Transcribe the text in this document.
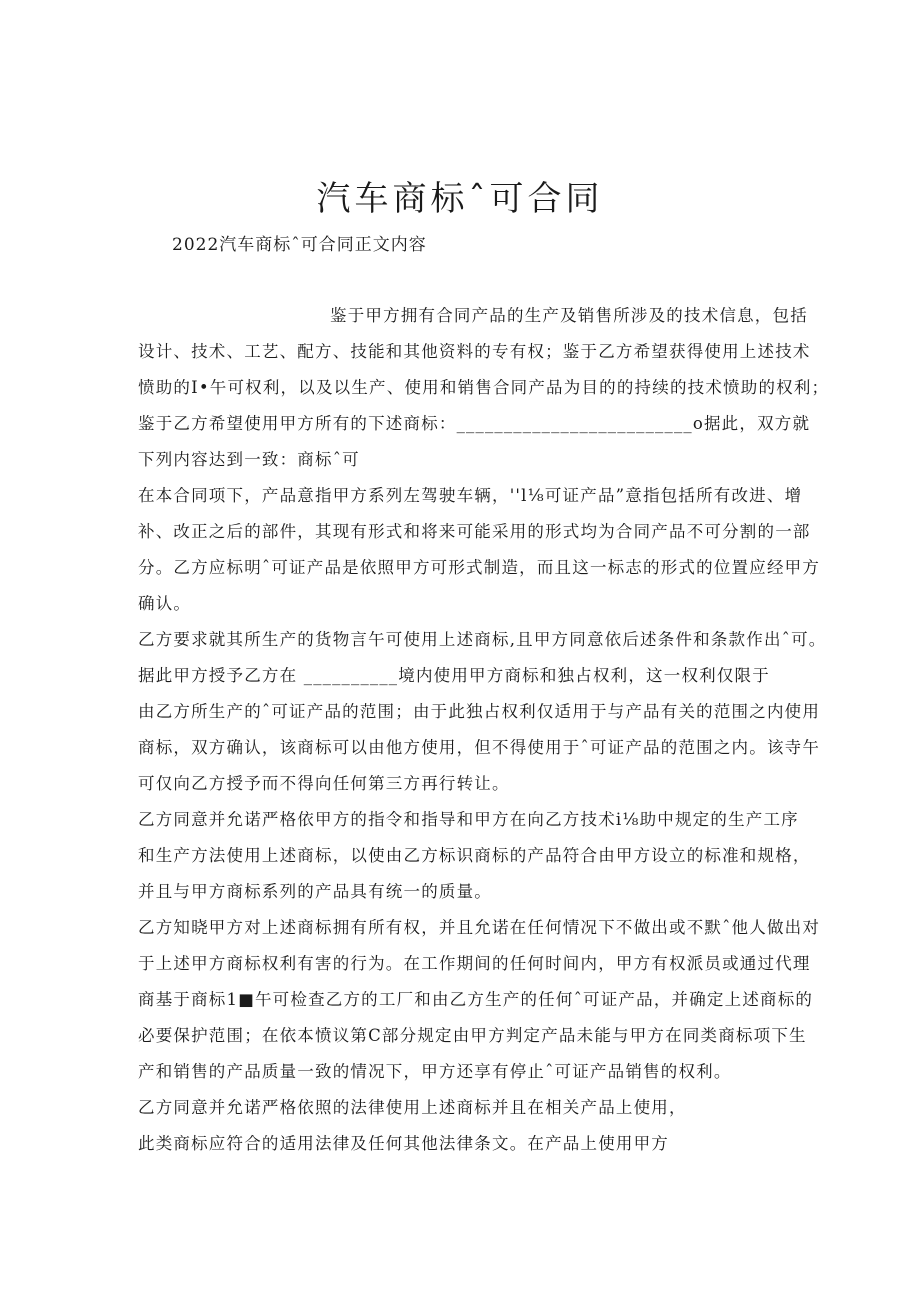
汽车商标ˆ可合同
2022汽车商标ˆ可合同正文内容
鉴于甲方拥有合同产品的生产及销售所涉及的技术信息，包括
设计、技术、工艺、配方、技能和其他资料的专有权；鉴于乙方希望获得使用上述技术
愤助的I•午可权利，以及以生产、使用和销售合同产品为目的的持续的技术愤助的权利；
鉴于乙方希望使用甲方所有的下述商标：_________________________o据此，双方就
下列内容达到一致：商标ˆ可
在本合同项下，产品意指甲方系列左驾驶车辆，''l⅛可证产品”意指包括所有改进、增
补、改正之后的部件，其现有形式和将来可能采用的形式均为合同产品不可分割的一部
分。乙方应标明ˆ可证产品是依照甲方可形式制造，而且这一标志的形式的位置应经甲方
确认。
乙方要求就其所生产的货物言午可使用上述商标,且甲方同意依后述条件和条款作出ˆ可。
据此甲方授予乙方在 __________境内使用甲方商标和独占权利，这一权利仅限于
由乙方所生产的ˆ可证产品的范围；由于此独占权利仅适用于与产品有关的范围之内使用
商标，双方确认，该商标可以由他方使用，但不得使用于ˆ可证产品的范围之内。该寺午
可仅向乙方授予而不得向任何第三方再行转让。
乙方同意并允诺严格依甲方的指令和指导和甲方在向乙方技术i⅛助中规定的生产工序
和生产方法使用上述商标，以使由乙方标识商标的产品符合由甲方设立的标准和规格，
并且与甲方商标系列的产品具有统一的质量。
乙方知晓甲方对上述商标拥有所有权，并且允诺在任何情况下不做出或不默ˆ他人做出对
于上述甲方商标权利有害的行为。在工作期间的任何时间内，甲方有权派员或通过代理
商基于商标1■午可检查乙方的工厂和由乙方生产的任何ˆ可证产品，并确定上述商标的
必要保护范围；在依本愤议第C部分规定由甲方判定产品未能与甲方在同类商标项下生
产和销售的产品质量一致的情况下，甲方还享有停止ˆ可证产品销售的权利。
乙方同意并允诺严格依照的法律使用上述商标并且在相关产品上使用，
此类商标应符合的适用法律及任何其他法律条文。在产品上使用甲方
